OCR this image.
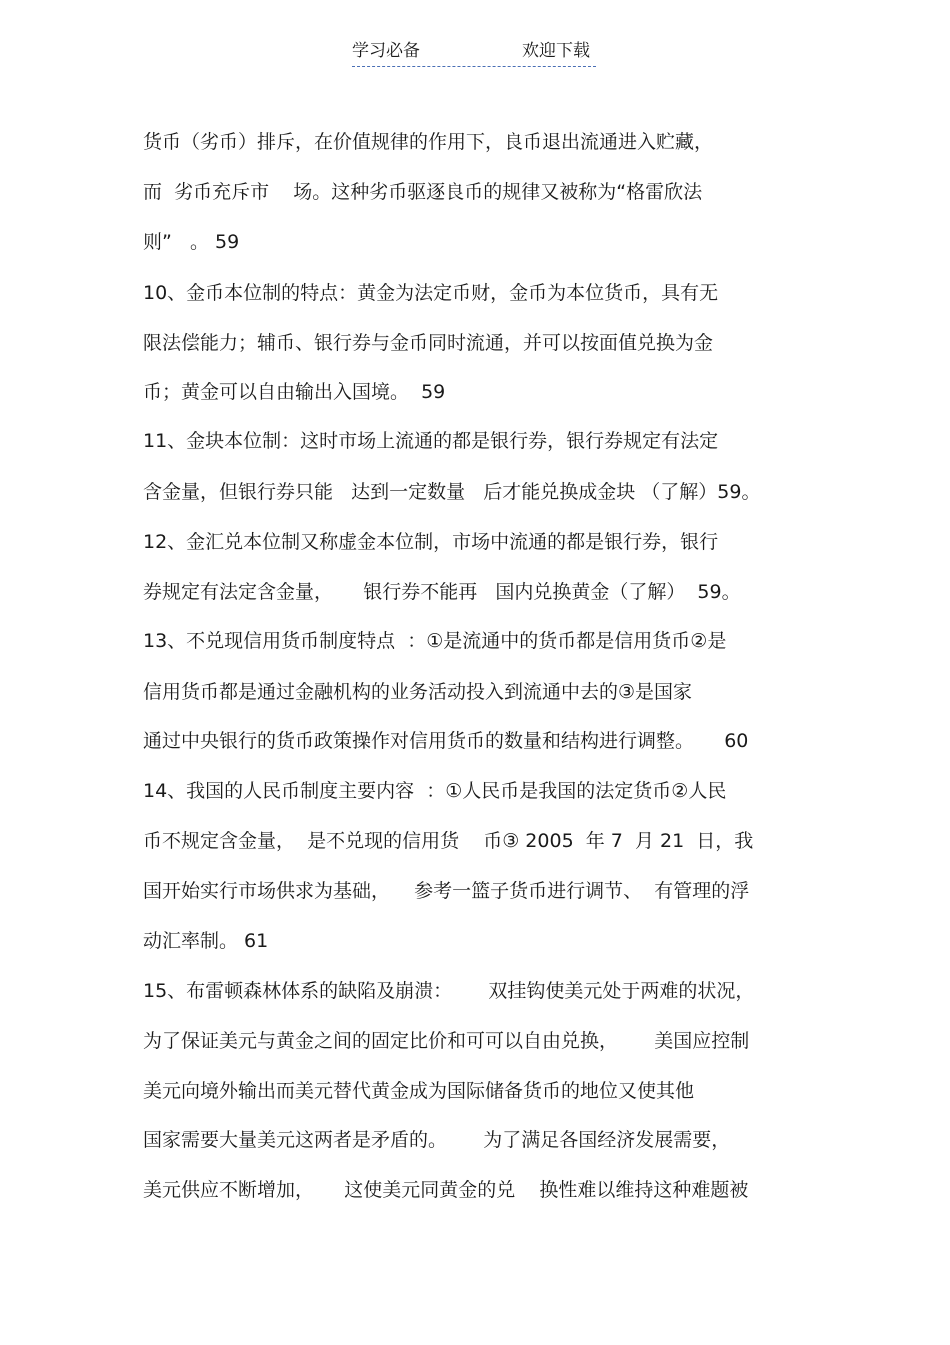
学习必备	欢迎下载
货币（劣币）排斥，在价值规律的作用下，良币退出流通进入贮藏，
而  劣币充斥市    场。这种劣币驱逐良币的规律又被称为“格雷欣法
则”   。 59
10、金币本位制的特点：黄金为法定币财，金币为本位货币，具有无
限法偿能力；辅币、银行券与金币同时流通，并可以按面值兑换为金
币；黄金可以自由输出入国境。  59
11、金块本位制：这时市场上流通的都是银行券，银行券规定有法定
含金量，但银行券只能   达到一定数量   后才能兑换成金块 （了解）59。
12、金汇兑本位制又称虚金本位制，市场中流通的都是银行券，银行
券规定有法定含金量，     银行券不能再   国内兑换黄金（了解）  59。
13、不兑现信用货币制度特点  ：①是流通中的货币都是信用货币②是
信用货币都是通过金融机构的业务活动投入到流通中去的③是国家
通过中央银行的货币政策操作对信用货币的数量和结构进行调整。     60
14、我国的人民币制度主要内容  ：①人民币是我国的法定货币②人民
币不规定含金量，  是不兑现的信用货    币③ 2005  年 7  月 21  日，我
国开始实行市场供求为基础，    参考一篮子货币进行调节、  有管理的浮
动汇率制。 61
15、布雷顿森林体系的缺陷及崩溃：      双挂钩使美元处于两难的状况，
为了保证美元与黄金之间的固定比价和可可以自由兑换，      美国应控制
美元向境外输出而美元替代黄金成为国际储备货币的地位又使其他
国家需要大量美元这两者是矛盾的。      为了满足各国经济发展需要，
美元供应不断增加，     这使美元同黄金的兑    换性难以维持这种难题被
